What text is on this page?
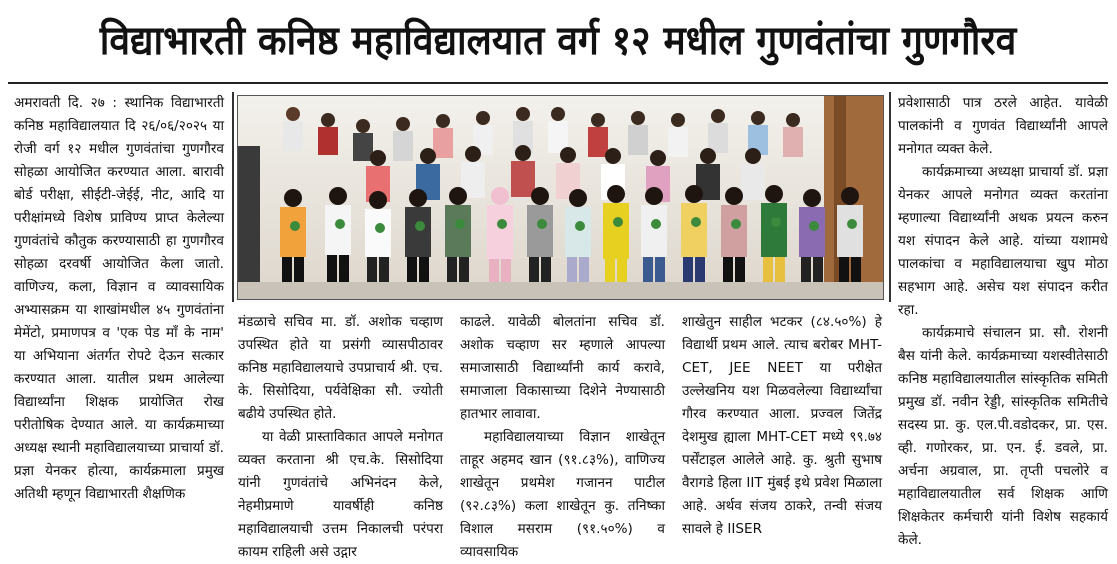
विद्याभारती कनिष्ठ महाविद्यालयात वर्ग १२ मधील गुणवंतांचा गुणगौरव

अमरावती दि. २७ : स्थानिक विद्याभारती कनिष्ठ महाविद्यालयात दि २६/०६/२०२५ या रोजी वर्ग १२ मधील गुणवंतांचा गुणगौरव सोहळा आयोजित करण्यात आला. बारावी बोर्ड परीक्षा, सीईटी-जेईई, नीट, आदि या परीक्षांमध्ये विशेष प्राविण्य प्राप्त केलेल्या गुणवंतांचे कौतुक करण्यासाठी हा गुणगौरव सोहळा दरवर्षी आयोजित केला जातो. वाणिज्य, कला, विज्ञान व व्यावसायिक अभ्यासक्रम या शाखांमधील ४५ गुणवंतांना मेमेंटो, प्रमाणपत्र व 'एक पेड माँ के नाम' या अभियाना अंतर्गत रोपटे देऊन सत्कार करण्यात आला. यातील प्रथम आलेल्या विद्यार्थ्यांना शिक्षक प्रायोजित रोख परीतोषिक देण्यात आले. या कार्यक्रमाच्या अध्यक्ष स्थानी महाविद्यालयाच्या प्राचार्या डॉ. प्रज्ञा येनकर होत्या, कार्यक्रमाला प्रमुख अतिथी म्हणून विद्याभारती शैक्षणिक

मंडळाचे सचिव मा. डॉ. अशोक चव्हाण उपस्थित होते या प्रसंगी व्यासपीठावर कनिष्ठ महाविद्यालयाचे उपप्राचार्य श्री. एच. के. सिसोदिया, पर्यवेक्षिका सौ. ज्योती बढीये उपस्थित होते.

या वेळी प्रास्ताविकात आपले मनोगत व्यक्त करताना श्री एच.के. सिसोदिया यांनी गुणवंतांचे अभिनंदन केले, नेहमीप्रमाणे यावर्षीही कनिष्ठ महाविद्यालयाची उत्तम निकालची परंपरा कायम राहिली असे उद्गार

काढले. यावेळी बोलतांना सचिव डॉ. अशोक चव्हाण सर म्हणाले आपल्या समाजासाठी विद्यार्थ्यांनी कार्य करावे, समाजाला विकासाच्या दिशेने नेण्यासाठी हातभार लावावा.

महाविद्यालयाच्या विज्ञान शाखेतून ताहूर अहमद खान (९१.८३%), वाणिज्य शाखेतून प्रथमेश गजानन पाटील (९२.८३%) कला शाखेतून कु. तनिष्का विशाल मसराम (९१.५०%) व व्यावसायिक

शाखेतुन साहील भटकर (८४.५०%) हे विद्यार्थी प्रथम आले. त्याच बरोबर MHT-CET, JEE NEET या परीक्षेत उल्लेखनिय यश मिळवलेल्या विद्यार्थ्यांचा गौरव करण्यात आला. प्रज्वल जितेंद्र देशमुख ह्याला MHT-CET मध्ये ९९.७४ पर्सेंटाइल आलेले आहे. कु. श्रुती सुभाष वैरागडे हिला IIT मुंबई इथे प्रवेश मिळाला आहे. अर्थव संजय ठाकरे, तन्वी संजय सावले हे IISER

प्रवेशासाठी पात्र ठरले आहेत. यावेळी पालकांनी व गुणवंत विद्यार्थ्यांनी आपले मनोगत व्यक्त केले.

कार्यक्रमाच्या अध्यक्षा प्राचार्या डॉ. प्रज्ञा येनकर आपले मनोगत व्यक्त करतांना म्हणाल्या विद्यार्थ्यांनी अथक प्रयत्न करुन यश संपादन केले आहे. यांच्या यशामधे पालकांचा व महाविद्यालयाचा खुप मोठा सहभाग आहे. असेच यश संपादन करीत रहा.

कार्यक्रमाचे संचालन प्रा. सौ. रोशनी बैस यांनी केले. कार्यक्रमाच्या यशस्वीतेसाठी कनिष्ठ महाविद्यालयातील सांस्कृतिक समिती प्रमुख डॉ. नवीन रेड्डी, सांस्कृतिक समितीचे सदस्य प्रा. कु. एल.पी.वडोदकर, प्रा. एस. व्ही. गणोरकर, प्रा. एन. ई. डवले, प्रा. अर्चना अग्रवाल, प्रा. तृप्ती पचलोरे व महाविद्यालयातील सर्व शिक्षक आणि शिक्षकेतर कर्मचारी यांनी विशेष सहकार्य केले.
